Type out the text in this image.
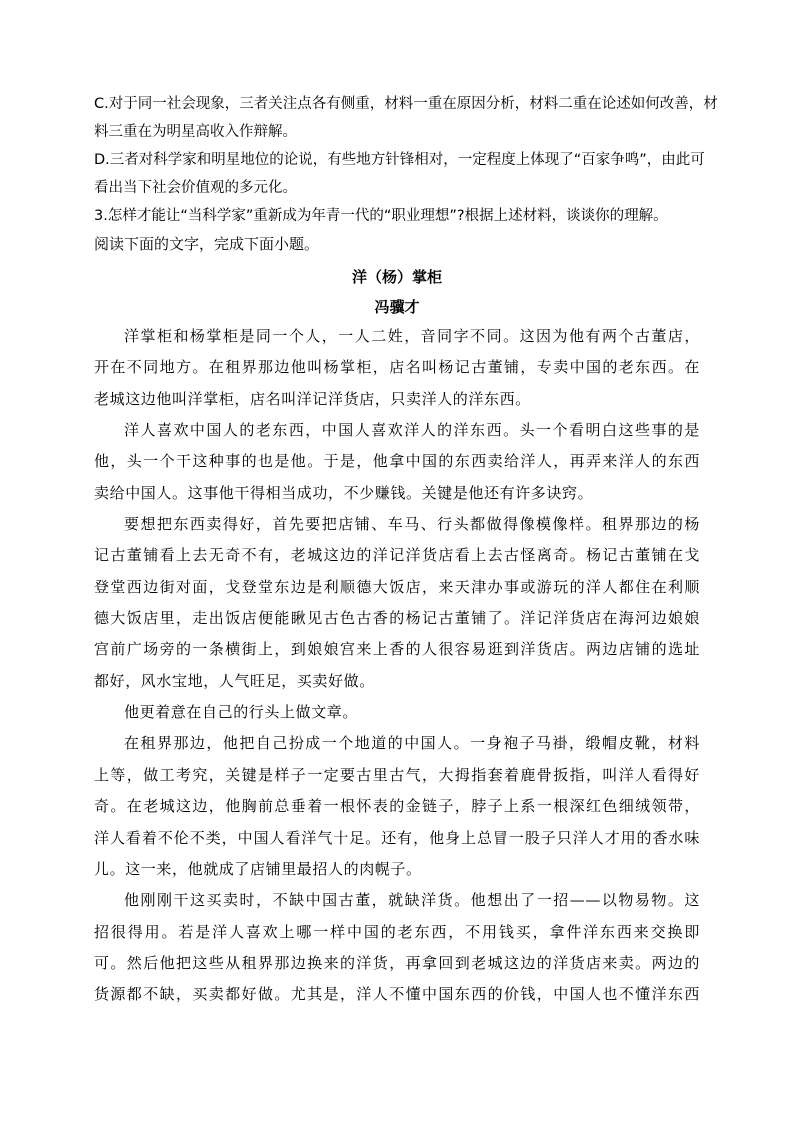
C.对于同一社会现象，三者关注点各有侧重，材料一重在原因分析，材料二重在论述如何改善，材

料三重在为明星高收入作辩解。

D.三者对科学家和明星地位的论说，有些地方针锋相对，一定程度上体现了“百家争鸣”，由此可

看出当下社会价值观的多元化。

3.怎样才能让“当科学家”重新成为年青一代的“职业理想”?根据上述材料，谈谈你的理解。

阅读下面的文字，完成下面小题。

洋（杨）掌柜

冯骥才

洋掌柜和杨掌柜是同一个人，一人二姓，音同字不同。这因为他有两个古董店，

开在不同地方。在租界那边他叫杨掌柜，店名叫杨记古董铺，专卖中国的老东西。在

老城这边他叫洋掌柜，店名叫洋记洋货店，只卖洋人的洋东西。

洋人喜欢中国人的老东西，中国人喜欢洋人的洋东西。头一个看明白这些事的是

他，头一个干这种事的也是他。于是，他拿中国的东西卖给洋人，再弄来洋人的东西

卖给中国人。这事他干得相当成功，不少赚钱。关键是他还有许多诀窍。

要想把东西卖得好，首先要把店铺、车马、行头都做得像模像样。租界那边的杨

记古董铺看上去无奇不有，老城这边的洋记洋货店看上去古怪离奇。杨记古董铺在戈

登堂西边街对面，戈登堂东边是利顺德大饭店，来天津办事或游玩的洋人都住在利顺

德大饭店里，走出饭店便能瞅见古色古香的杨记古董铺了。洋记洋货店在海河边娘娘

宫前广场旁的一条横街上，到娘娘宫来上香的人很容易逛到洋货店。两边店铺的选址

都好，风水宝地，人气旺足，买卖好做。

他更着意在自己的行头上做文章。

在租界那边，他把自己扮成一个地道的中国人。一身袍子马褂，缎帽皮靴，材料

上等，做工考究，关键是样子一定要古里古气，大拇指套着鹿骨扳指，叫洋人看得好

奇。在老城这边，他胸前总垂着一根怀表的金链子，脖子上系一根深红色细绒领带，

洋人看着不伦不类，中国人看洋气十足。还有，他身上总冒一股子只洋人才用的香水味

儿。这一来，他就成了店铺里最招人的肉幌子。

他刚刚干这买卖时，不缺中国古董，就缺洋货。他想出了一招——以物易物。这

招很得用。若是洋人喜欢上哪一样中国的老东西，不用钱买，拿件洋东西来交换即

可。然后他把这些从租界那边换来的洋货，再拿回到老城这边的洋货店来卖。两边的

货源都不缺，买卖都好做。尤其是，洋人不懂中国东西的价钱，中国人也不懂洋东西
